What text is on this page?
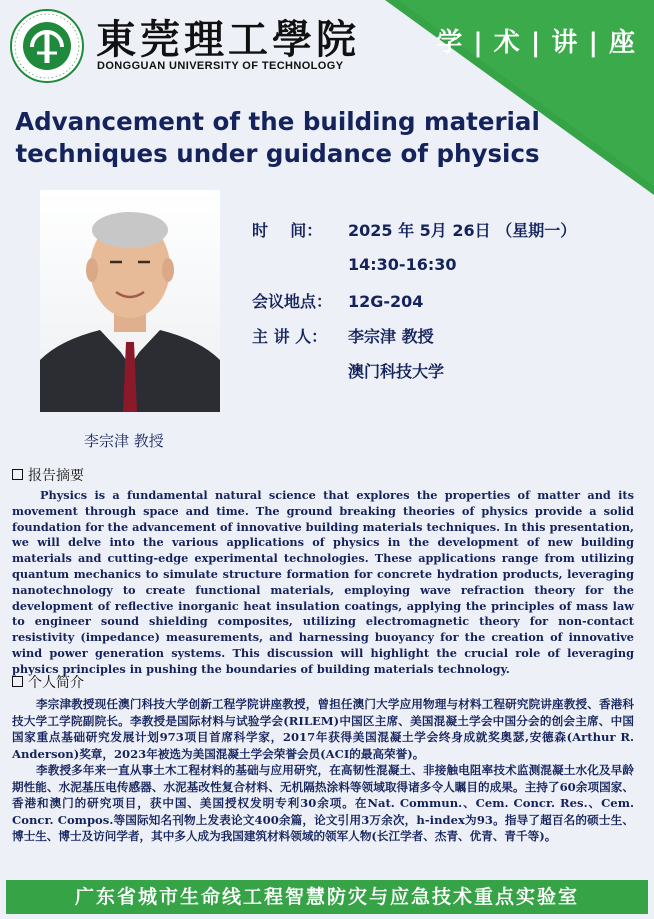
東莞理工學院
DONGGUAN UNIVERSITY OF TECHNOLOGY
学 | 术 | 讲 | 座
Advancement of the building material
techniques under guidance of physics
李宗津 教授
时    间： 2025 年 5月 26日 （星期一）
14:30-16:30
会议地点： 12G-204
主 讲 人： 李宗津 教授
澳门科技大学
报告摘要

Physics is a fundamental natural science that explores the properties of matter and its movement through space and time. The ground breaking theories of physics provide a solid foundation for the advancement of innovative building materials techniques. In this presentation, we will delve into the various applications of physics in the development of new building materials and cutting-edge experimental technologies. These applications range from utilizing quantum mechanics to simulate structure formation for concrete hydration products, leveraging nanotechnology to create functional materials, employing wave refraction theory for the development of reflective inorganic heat insulation coatings, applying the principles of mass law to engineer sound shielding composites, utilizing electromagnetic theory for non-contact resistivity (impedance) measurements, and harnessing buoyancy for the creation of innovative wind power generation systems. This discussion will highlight the crucial role of leveraging physics principles in pushing the boundaries of building materials technology.

个人简介

李宗津教授现任澳门科技大学创新工程学院讲座教授，曾担任澳门大学应用物理与材料工程研究院讲座教授、香港科技大学工学院副院长。李教授是国际材料与试验学会(RILEM)中国区主席、美国混凝土学会中国分会的创会主席、中国国家重点基础研究发展计划973项目首席科学家，2017年获得美国混凝土学会终身成就奖奥瑟,安德森(Arthur R. Anderson)奖章，2023年被选为美国混凝土学会荣誉会员(ACI的最高荣誉)。

李教授多年来一直从事土木工程材料的基础与应用研究，在高韧性混凝土、非接触电阻率技术监测混凝土水化及早龄期性能、水泥基压电传感器、水泥基改性复合材料、无机隔热涂料等领域取得诸多令人瞩目的成果。主持了60余项国家、香港和澳门的研究项目，获中国、美国授权发明专利30余项。在Nat. Commun.、Cem. Concr. Res.、Cem. Concr. Compos.等国际知名刊物上发表论文400余篇，论文引用3万余次，h-index为93。指导了超百名的硕士生、博士生、博士及访问学者，其中多人成为我国建筑材料领域的领军人物(长江学者、杰青、优青、青千等)。

广东省城市生命线工程智慧防灾与应急技术重点实验室
